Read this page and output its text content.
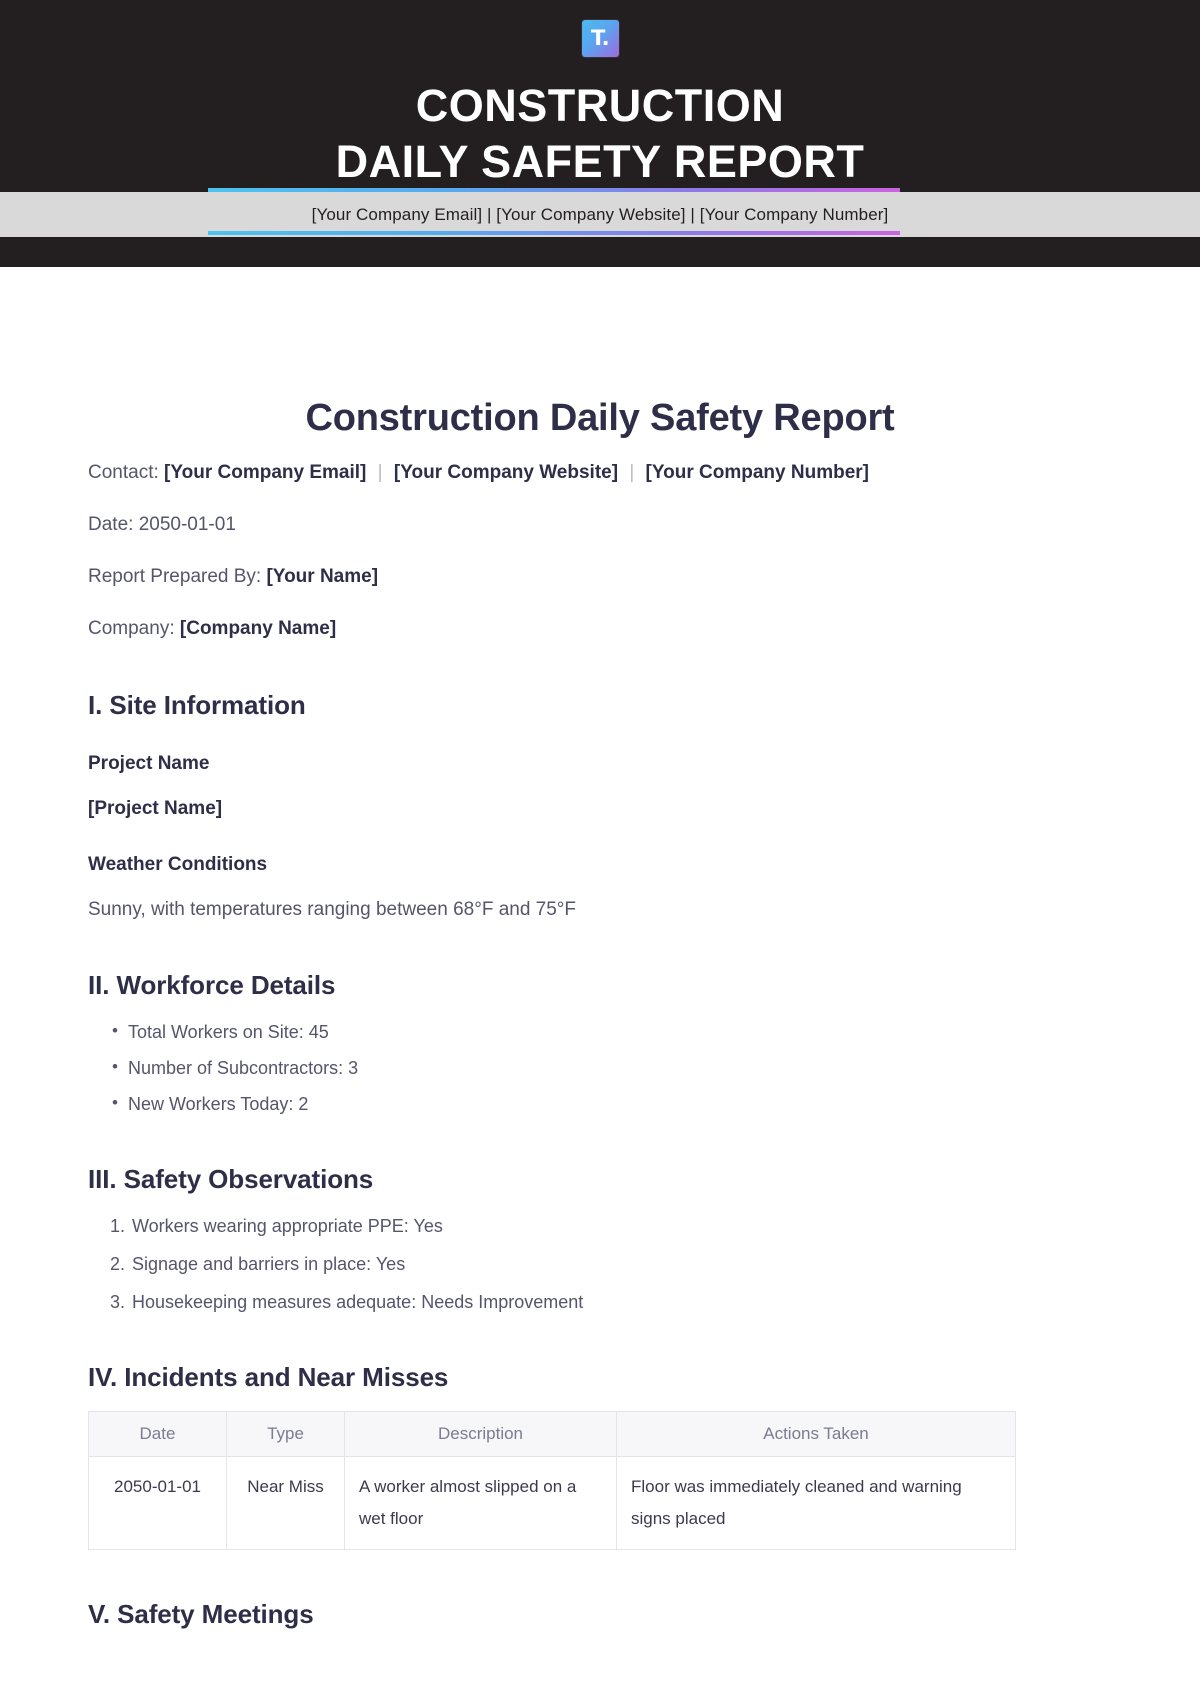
T.
CONSTRUCTION
DAILY SAFETY REPORT
[Your Company Email] | [Your Company Website] | [Your Company Number]
Construction Daily Safety Report

Contact: [Your Company Email] | [Your Company Website] | [Your Company Number]

Date: 2050-01-01

Report Prepared By: [Your Name]

Company: [Company Name]

I. Site Information
Project Name

[Project Name]

Weather Conditions

Sunny, with temperatures ranging between 68°F and 75°F

II. Workforce Details
• Total Workers on Site: 45
• Number of Subcontractors: 3
• New Workers Today: 2
III. Safety Observations
Workers wearing appropriate PPE: Yes
Signage and barriers in place: Yes
Housekeeping measures adequate: Needs Improvement
IV. Incidents and Near Misses
Date	Type	Description	Actions Taken
2050-01-01	Near Miss	A worker almost slipped on a wet floor	Floor was immediately cleaned and warning signs placed
V. Safety Meetings
